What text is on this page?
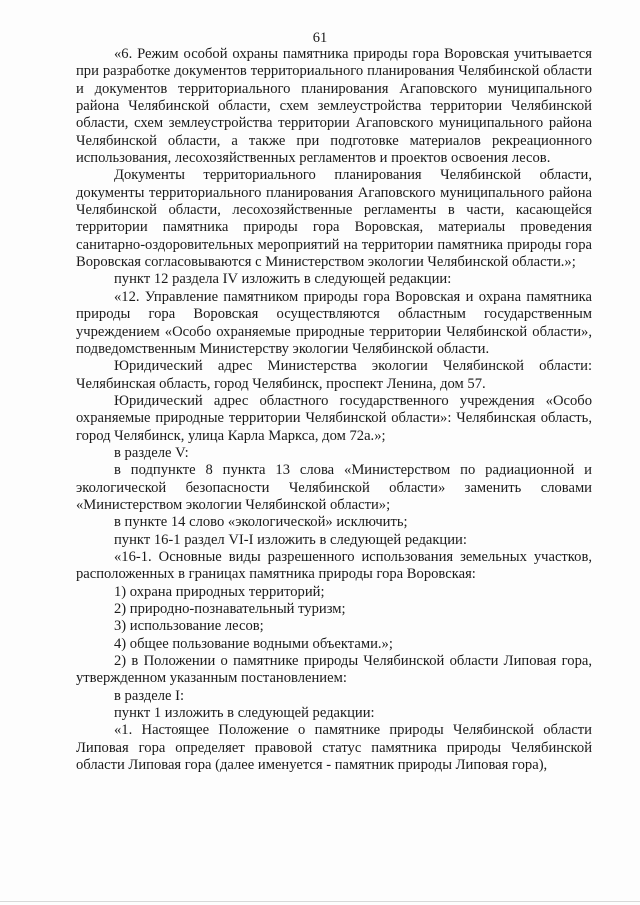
61

«6. Режим особой охраны памятника природы гора Воровская учитывается при разработке документов территориального планирования Челябинской области и документов территориального планирования Агаповского муниципального района Челябинской области, схем землеустройства территории Челябинской области, схем землеустройства территории Агаповского муниципального района Челябинской области, а также при подготовке материалов рекреационного использования, лесохозяйственных регламентов и проектов освоения лесов.

Документы территориального планирования Челябинской области, документы территориального планирования Агаповского муниципального района Челябинской области, лесохозяйственные регламенты в части, касающейся территории памятника природы гора Воровская, материалы проведения санитарно-оздоровительных мероприятий на территории памятника природы гора Воровская согласовываются с Министерством экологии Челябинской области.»;

пункт 12 раздела IV изложить в следующей редакции:

«12. Управление памятником природы гора Воровская и охрана памятника природы гора Воровская осуществляются областным государственным учреждением «Особо охраняемые природные территории Челябинской области», подведомственным Министерству экологии Челябинской области.

Юридический адрес Министерства экологии Челябинской области: Челябинская область, город Челябинск, проспект Ленина, дом 57.

Юридический адрес областного государственного учреждения «Особо охраняемые природные территории Челябинской области»: Челябинская область, город Челябинск, улица Карла Маркса, дом 72а.»;

в разделе V:

в подпункте 8 пункта 13 слова «Министерством по радиационной и экологической безопасности Челябинской области» заменить словами «Министерством экологии Челябинской области»;

в пункте 14 слово «экологической» исключить;

пункт 16-1 раздел VI-I изложить в следующей редакции:

«16-1. Основные виды разрешенного использования земельных участков, расположенных в границах памятника природы гора Воровская:

1) охрана природных территорий;

2) природно-познавательный туризм;

3) использование лесов;

4) общее пользование водными объектами.»;

2) в Положении о памятнике природы Челябинской области Липовая гора, утвержденном указанным постановлением:

в разделе I:

пункт 1 изложить в следующей редакции:

«1. Настоящее Положение о памятнике природы Челябинской области Липовая гора определяет правовой статус памятника природы Челябинской области Липовая гора (далее именуется - памятник природы Липовая гора),
